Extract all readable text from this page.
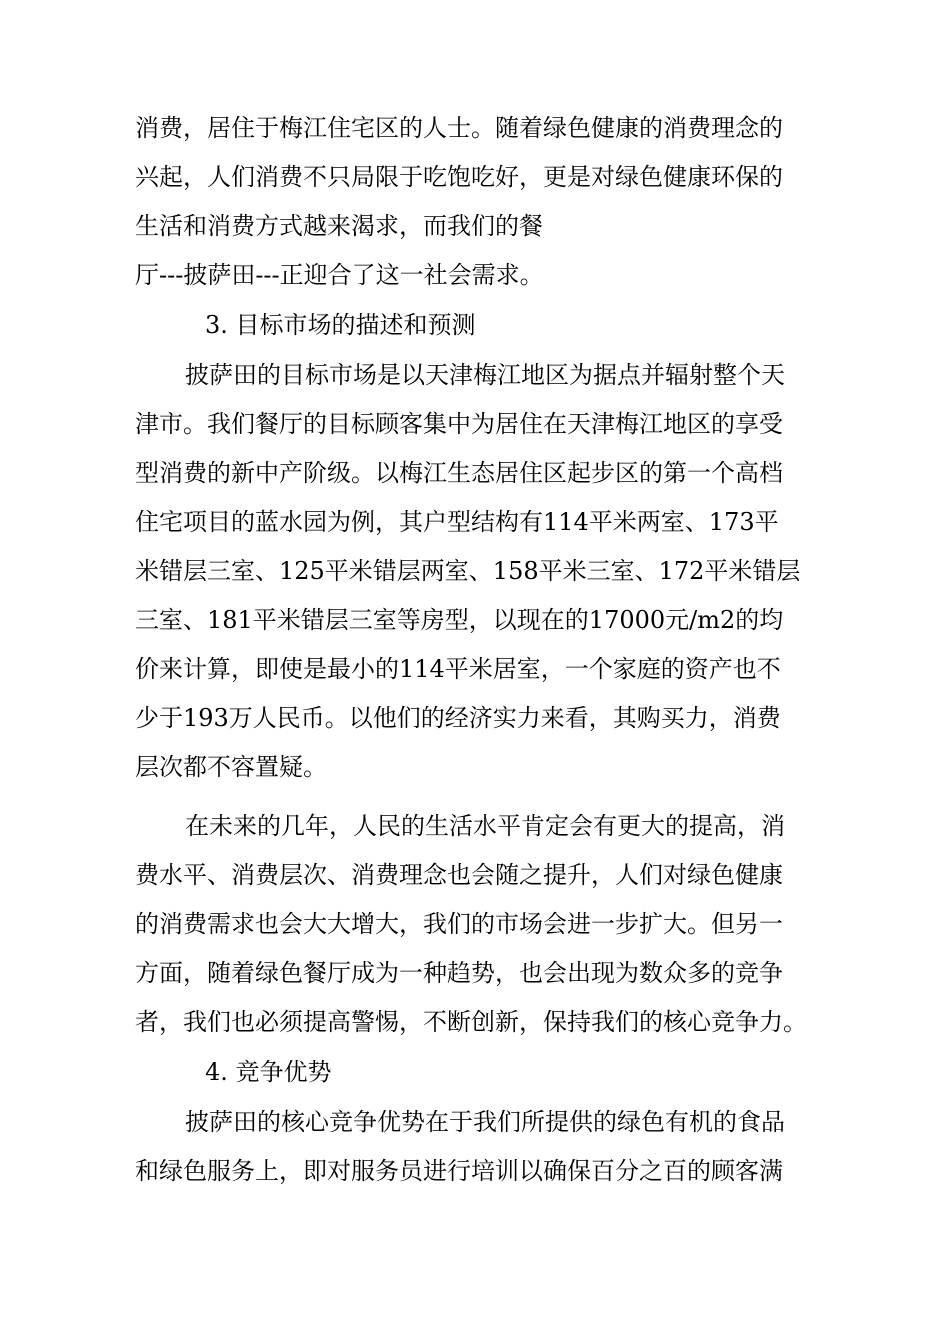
消费，居住于梅江住宅区的人士。随着绿色健康的消费理念的
兴起，人们消费不只局限于吃饱吃好，更是对绿色健康环保的
生活和消费方式越来渴求，而我们的餐
厅---披萨田---正迎合了这一社会需求。
3. 目标市场的描述和预测
披萨田的目标市场是以天津梅江地区为据点并辐射整个天
津市。我们餐厅的目标顾客集中为居住在天津梅江地区的享受
型消费的新中产阶级。以梅江生态居住区起步区的第一个高档
住宅项目的蓝水园为例，其户型结构有114平米两室、173平
米错层三室、125平米错层两室、158平米三室、172平米错层
三室、181平米错层三室等房型，以现在的17000元/m2的均
价来计算，即使是最小的114平米居室，一个家庭的资产也不
少于193万人民币。以他们的经济实力来看，其购买力，消费
层次都不容置疑。
在未来的几年，人民的生活水平肯定会有更大的提高，消
费水平、消费层次、消费理念也会随之提升，人们对绿色健康
的消费需求也会大大增大，我们的市场会进一步扩大。但另一
方面，随着绿色餐厅成为一种趋势，也会出现为数众多的竞争
者，我们也必须提高警惕，不断创新，保持我们的核心竞争力。
4. 竞争优势
披萨田的核心竞争优势在于我们所提供的绿色有机的食品
和绿色服务上，即对服务员进行培训以确保百分之百的顾客满
